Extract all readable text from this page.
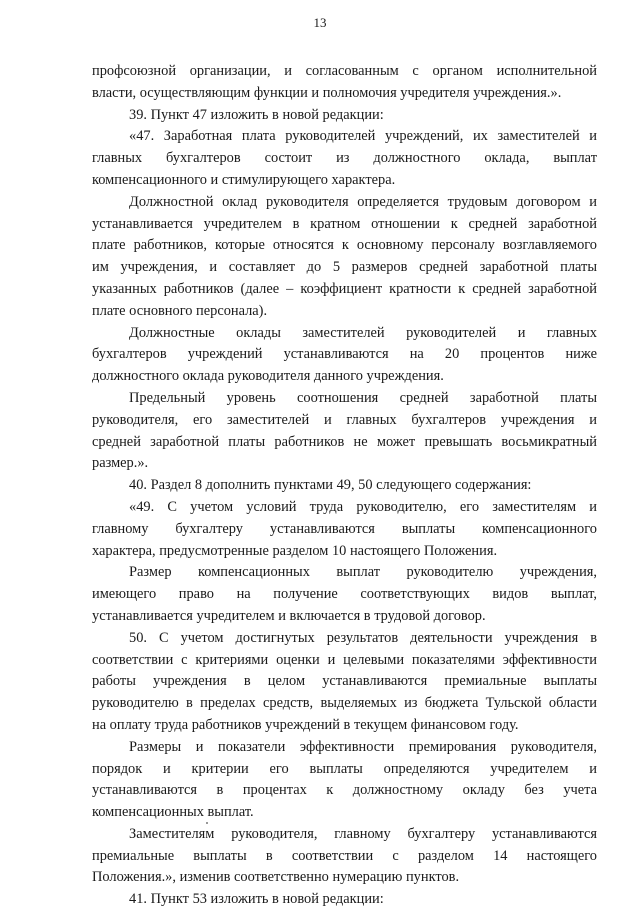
13
профсоюзной организации, и согласованным с органом исполнительной
власти, осуществляющим функции и полномочия учредителя учреждения.».
39. Пункт 47 изложить в новой редакции:
«47. Заработная плата руководителей учреждений, их заместителей и
главных бухгалтеров состоит из должностного оклада, выплат
компенсационного и стимулирующего характера.
Должностной оклад руководителя определяется трудовым договором и
устанавливается учредителем в кратном отношении к средней заработной
плате работников, которые относятся к основному персоналу возглавляемого
им учреждения, и составляет до 5 размеров средней заработной платы
указанных работников (далее – коэффициент кратности к средней заработной
плате основного персонала).
Должностные оклады заместителей руководителей и главных
бухгалтеров учреждений устанавливаются на 20 процентов ниже
должностного оклада руководителя данного учреждения.
Предельный уровень соотношения средней заработной платы
руководителя, его заместителей и главных бухгалтеров учреждения и
средней заработной платы работников не может превышать восьмикратный
размер.».
40. Раздел 8 дополнить пунктами 49, 50 следующего содержания:
«49. С учетом условий труда руководителю, его заместителям и
главному бухгалтеру устанавливаются выплаты компенсационного
характера, предусмотренные разделом 10 настоящего Положения.
Размер компенсационных выплат руководителю учреждения,
имеющего право на получение соответствующих видов выплат,
устанавливается учредителем и включается в трудовой договор.
50. С учетом достигнутых результатов деятельности учреждения в
соответствии с критериями оценки и целевыми показателями эффективности
работы учреждения в целом устанавливаются премиальные выплаты
руководителю в пределах средств, выделяемых из бюджета Тульской области
на оплату труда работников учреждений в текущем финансовом году.
Размеры и показатели эффективности премирования руководителя,
порядок и критерии его выплаты определяются учредителем и
устанавливаются в процентах к должностному окладу без учета
компенсационных выплат.
Заместителям руководителя, главному бухгалтеру устанавливаются
премиальные выплаты в соответствии с разделом 14 настоящего
Положения.», изменив соответственно нумерацию пунктов.
41. Пункт 53 изложить в новой редакции:
